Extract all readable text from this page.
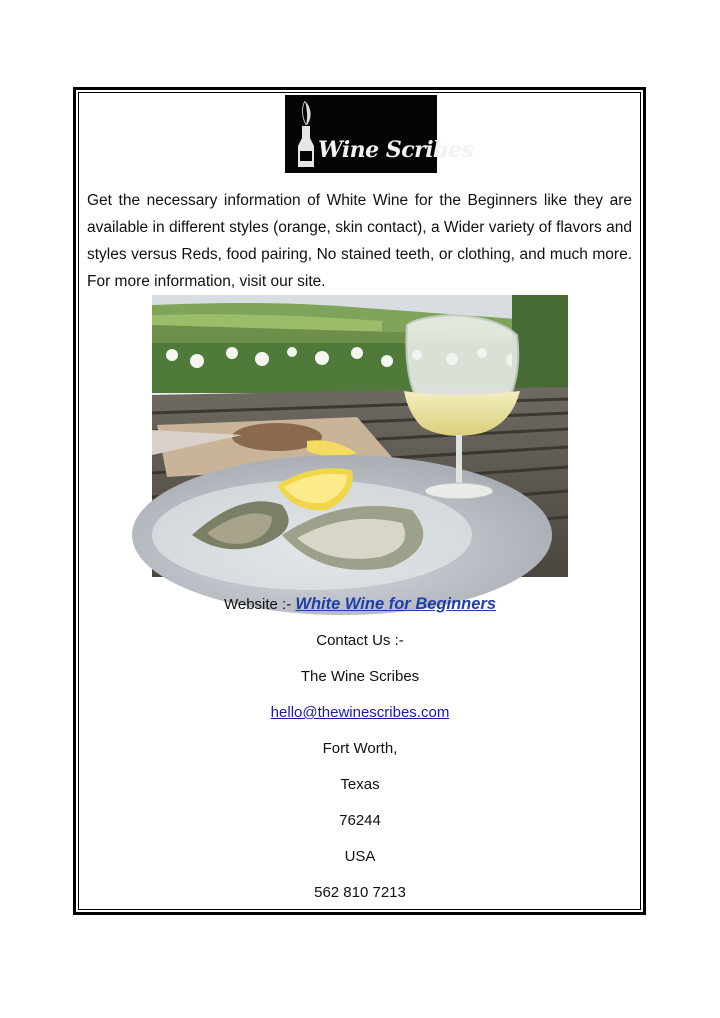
Wine Scribes
Get the necessary information of White Wine for the Beginners like they are available in different styles (orange, skin contact), a Wider variety of flavors and styles versus Reds, food pairing, No stained teeth, or clothing, and much more. For more information, visit our site.
Website :- White Wine for Beginners
Contact Us :-
The Wine Scribes
hello@thewinescribes.com
Fort Worth,
Texas
76244
USA
562 810 7213
